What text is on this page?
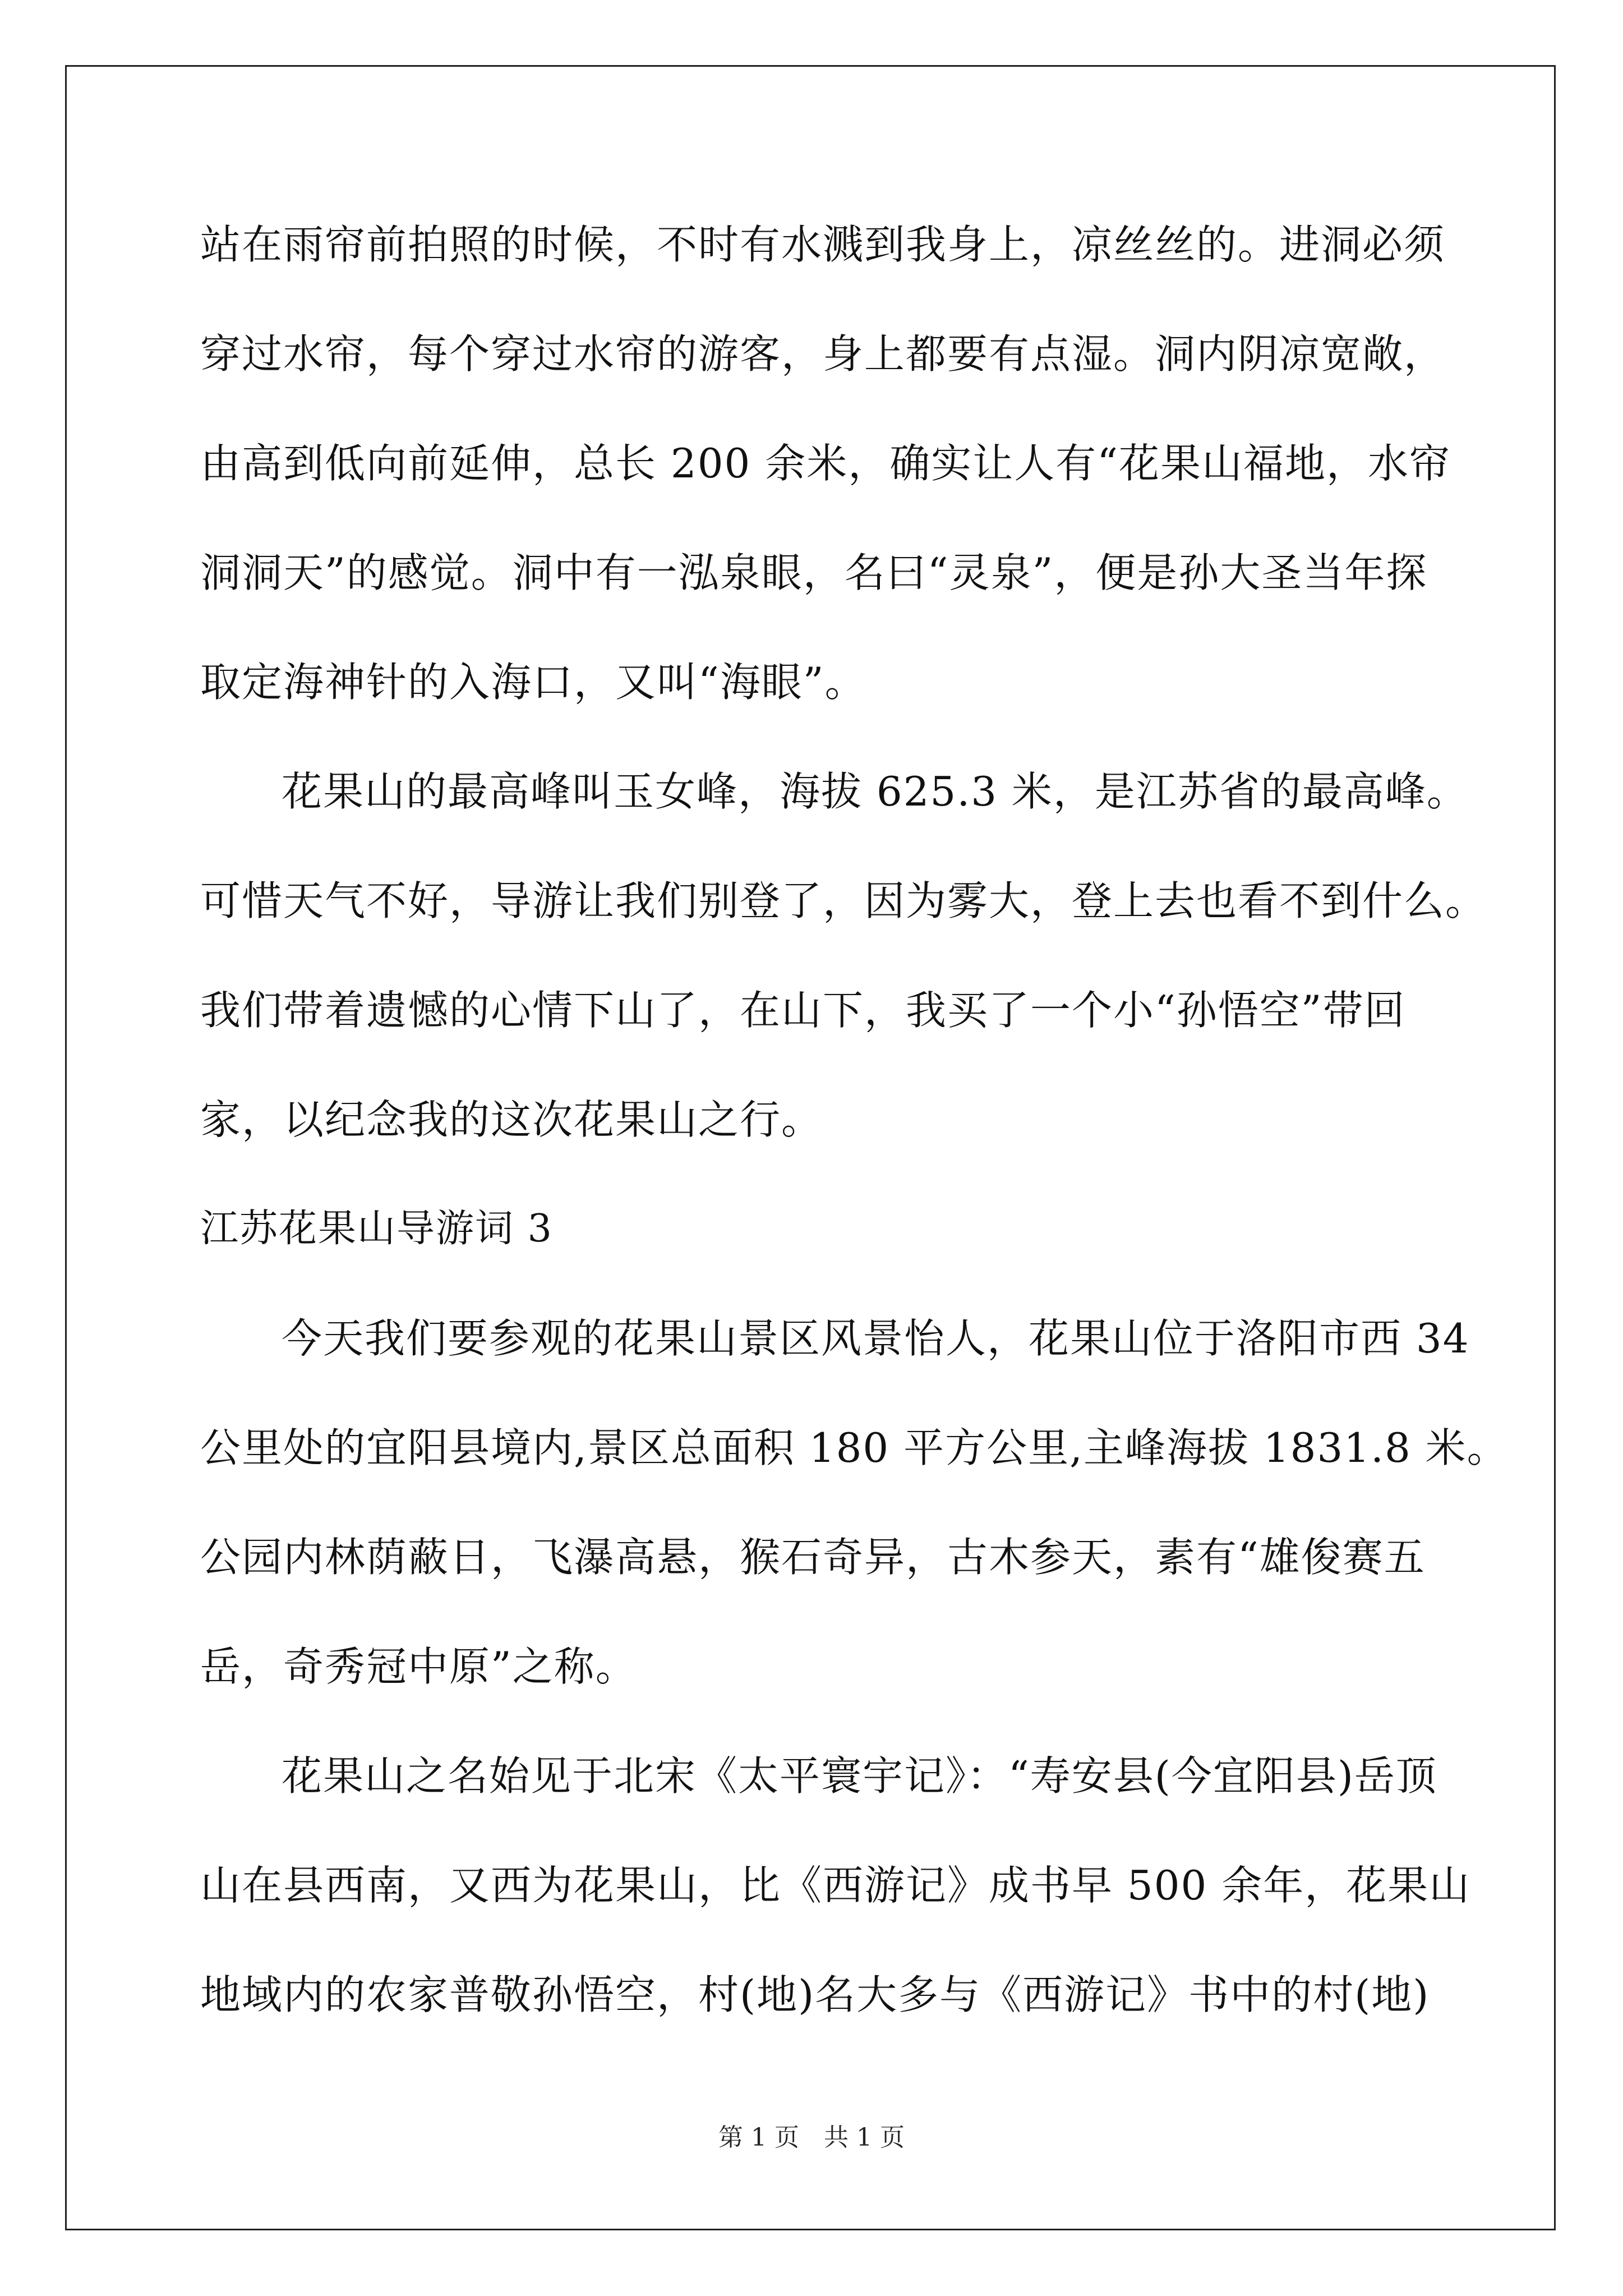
站在雨帘前拍照的时候，不时有水溅到我身上，凉丝丝的。进洞必须
穿过水帘，每个穿过水帘的游客，身上都要有点湿。洞内阴凉宽敞，
由高到低向前延伸，总长 200 余米，确实让人有“花果山福地，水帘
洞洞天”的感觉。洞中有一泓泉眼，名曰“灵泉”，便是孙大圣当年探
取定海神针的入海口，又叫“海眼”。
花果山的最高峰叫玉女峰，海拔 625.3 米，是江苏省的最高峰。
可惜天气不好，导游让我们别登了，因为雾大，登上去也看不到什么。
我们带着遗憾的心情下山了，在山下，我买了一个小“孙悟空”带回
家，以纪念我的这次花果山之行。
江苏花果山导游词 3
今天我们要参观的花果山景区风景怡人，花果山位于洛阳市西 34
公里处的宜阳县境内,景区总面积 180 平方公里,主峰海拔 1831.8 米。
公园内林荫蔽日，飞瀑高悬，猴石奇异，古木参天，素有“雄俊赛五
岳，奇秀冠中原”之称。
花果山之名始见于北宋《太平寰宇记》：“寿安县(今宜阳县)岳顶
山在县西南，又西为花果山，比《西游记》成书早 500 余年，花果山
地域内的农家普敬孙悟空，村(地)名大多与《西游记》书中的村(地)
第 1 页　共 1 页
